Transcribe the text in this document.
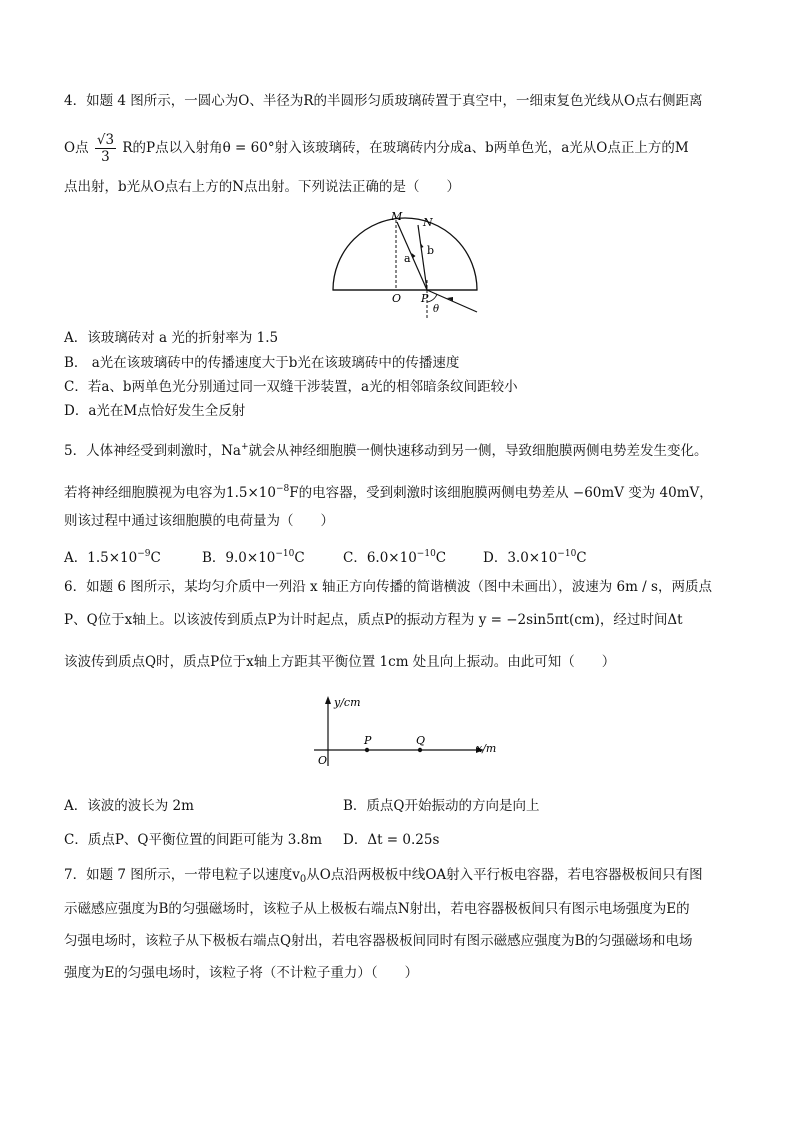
4．如题 4 图所示，一圆心为O、半径为R的半圆形匀质玻璃砖置于真空中，一细束复色光线从O点右侧距离
O点 $\frac{√3}{3}$ R的P点以入射角θ = 60°射入该玻璃砖，在玻璃砖内分成a、b两单色光，a光从O点正上方的M
点出射，b光从O点右上方的N点出射。下列说法正确的是（　　）
M N
a
b
O P
θ
A．该玻璃砖对 a 光的折射率为 1.5
B． a光在该玻璃砖中的传播速度大于b光在该玻璃砖中的传播速度
C．若a、b两单色光分别通过同一双缝干涉装置，a光的相邻暗条纹间距较小
D．a光在M点恰好发生全反射
5．人体神经受到刺激时，Na+就会从神经细胞膜一侧快速移动到另一侧，导致细胞膜两侧电势差发生变化。
若将神经细胞膜视为电容为$1.5\times 10^{-8}F$的电容器，受到刺激时该细胞膜两侧电势差从 −60mV 变为 40mV，
则该过程中通过该细胞膜的电荷量为（　　）
A．$1.5\times 10^{-9}C$	B．$9.0\times 10^{-10}C$	C．$6.0\times 10^{-10}C$	D．$3.0\times 10^{-10}C$
6．如题 6 图所示，某均匀介质中一列沿 x 轴正方向传播的简谐横波（图中未画出），波速为 6m / s，两质点
P、Q位于x轴上。以该波传到质点P为计时起点，质点P的振动方程为 y = −2sin5πt(cm)，经过时间Δt
该波传到质点Q时，质点P位于x轴上方距其平衡位置 1cm 处且向上振动。由此可知（　　）
y/cm
x/m
O
P	Q
A．该波的波长为 2m	B．质点Q开始振动的方向是向上
C．质点P、Q平衡位置的间距可能为 3.8m D．Δt = 0.25s
7．如题 7 图所示，一带电粒子以速度$v_0$从O点沿两极板中线OA射入平行板电容器，若电容器极板间只有图
示磁感应强度为B的匀强磁场时，该粒子从上极板右端点N射出，若电容器极板间只有图示电场强度为E的
匀强电场时，该粒子从下极板右端点Q射出，若电容器极板间同时有图示磁感应强度为B的匀强磁场和电场
强度为E的匀强电场时，该粒子将（不计粒子重力）（　　）
